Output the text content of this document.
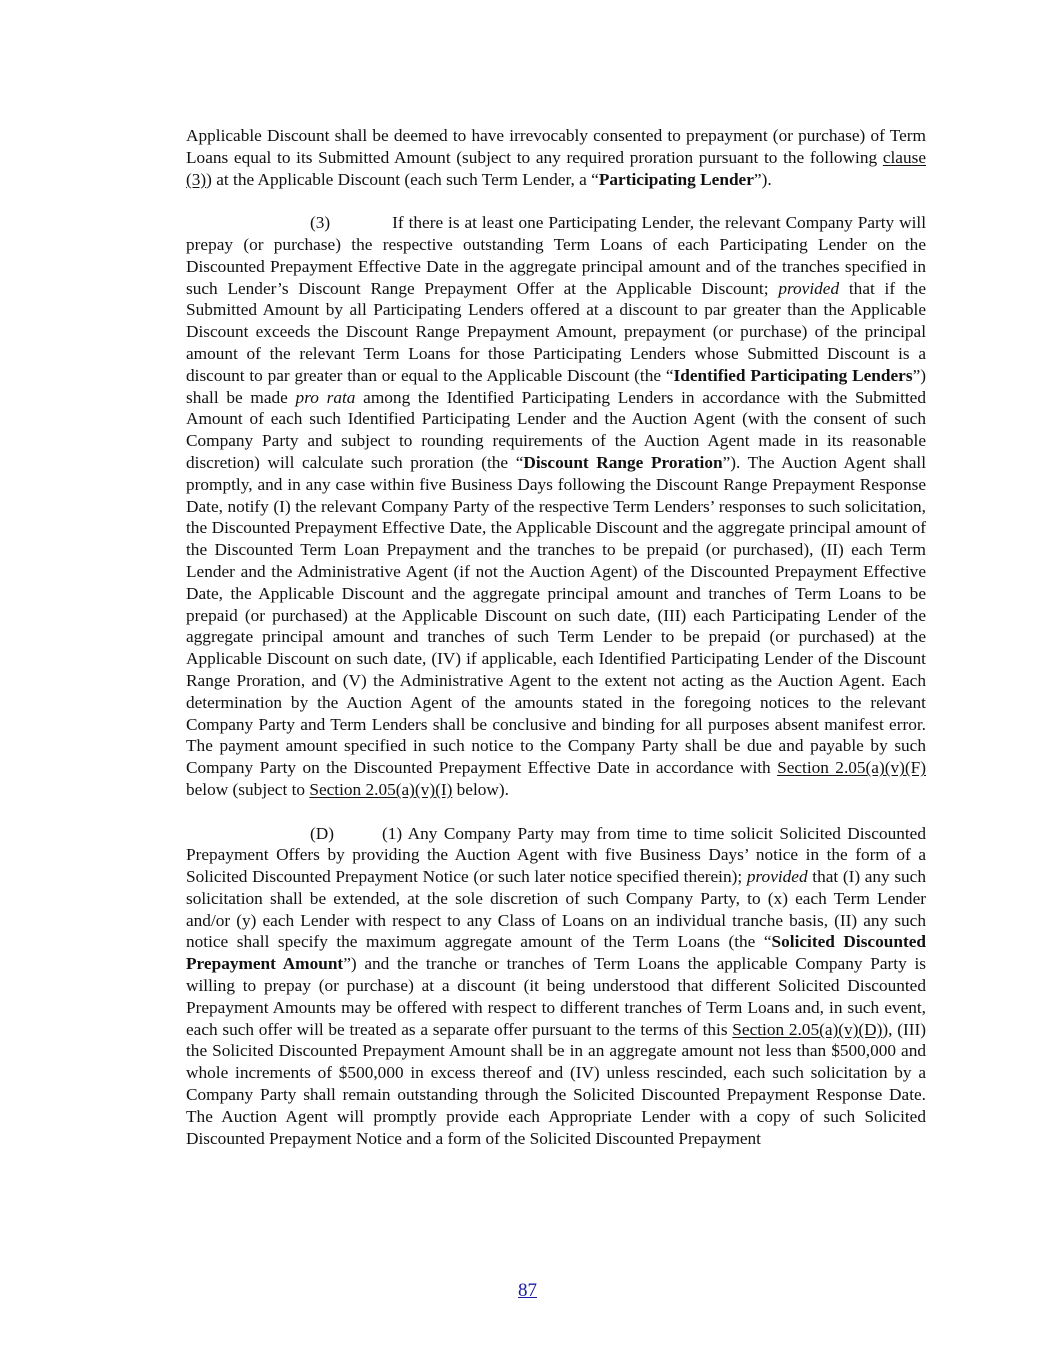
Applicable Discount shall be deemed to have irrevocably consented to prepayment (or purchase) of Term Loans equal to its Submitted Amount (subject to any required proration pursuant to the following clause (3)) at the Applicable Discount (each such Term Lender, a “Participating Lender”).

(3)	If there is at least one Participating Lender, the relevant Company Party will prepay (or purchase) the respective outstanding Term Loans of each Participating Lender on the Discounted Prepayment Effective Date in the aggregate principal amount and of the tranches specified in such Lender’s Discount Range Prepayment Offer at the Applicable Discount; provided that if the Submitted Amount by all Participating Lenders offered at a discount to par greater than the Applicable Discount exceeds the Discount Range Prepayment Amount, prepayment (or purchase) of the principal amount of the relevant Term Loans for those Participating Lenders whose Submitted Discount is a discount to par greater than or equal to the Applicable Discount (the “Identified Participating Lenders”) shall be made pro rata among the Identified Participating Lenders in accordance with the Submitted Amount of each such Identified Participating Lender and the Auction Agent (with the consent of such Company Party and subject to rounding requirements of the Auction Agent made in its reasonable discretion) will calculate such proration (the “Discount Range Proration”). The Auction Agent shall promptly, and in any case within five Business Days following the Discount Range Prepayment Response Date, notify (I) the relevant Company Party of the respective Term Lenders’ responses to such solicitation, the Discounted Prepayment Effective Date, the Applicable Discount and the aggregate principal amount of the Discounted Term Loan Prepayment and the tranches to be prepaid (or purchased), (II) each Term Lender and the Administrative Agent (if not the Auction Agent) of the Discounted Prepayment Effective Date, the Applicable Discount and the aggregate principal amount and tranches of Term Loans to be prepaid (or purchased) at the Applicable Discount on such date, (III) each Participating Lender of the aggregate principal amount and tranches of such Term Lender to be prepaid (or purchased) at the Applicable Discount on such date, (IV) if applicable, each Identified Participating Lender of the Discount Range Proration, and (V) the Administrative Agent to the extent not acting as the Auction Agent. Each determination by the Auction Agent of the amounts stated in the foregoing notices to the relevant Company Party and Term Lenders shall be conclusive and binding for all purposes absent manifest error. The payment amount specified in such notice to the Company Party shall be due and payable by such Company Party on the Discounted Prepayment Effective Date in accordance with Section 2.05(a)(v)(F) below (subject to Section 2.05(a)(v)(I) below).

(D)	(1) Any Company Party may from time to time solicit Solicited Discounted Prepayment Offers by providing the Auction Agent with five Business Days’ notice in the form of a Solicited Discounted Prepayment Notice (or such later notice specified therein); provided that (I) any such solicitation shall be extended, at the sole discretion of such Company Party, to (x) each Term Lender and/or (y) each Lender with respect to any Class of Loans on an individual tranche basis, (II) any such notice shall specify the maximum aggregate amount of the Term Loans (the “Solicited Discounted Prepayment Amount”) and the tranche or tranches of Term Loans the applicable Company Party is willing to prepay (or purchase) at a discount (it being understood that different Solicited Discounted Prepayment Amounts may be offered with respect to different tranches of Term Loans and, in such event, each such offer will be treated as a separate offer pursuant to the terms of this Section 2.05(a)(v)(D)), (III) the Solicited Discounted Prepayment Amount shall be in an aggregate amount not less than $500,000 and whole increments of $500,000 in excess thereof and (IV) unless rescinded, each such solicitation by a Company Party shall remain outstanding through the Solicited Discounted Prepayment Response Date. The Auction Agent will promptly provide each Appropriate Lender with a copy of such Solicited Discounted Prepayment Notice and a form of the Solicited Discounted Prepayment

87
